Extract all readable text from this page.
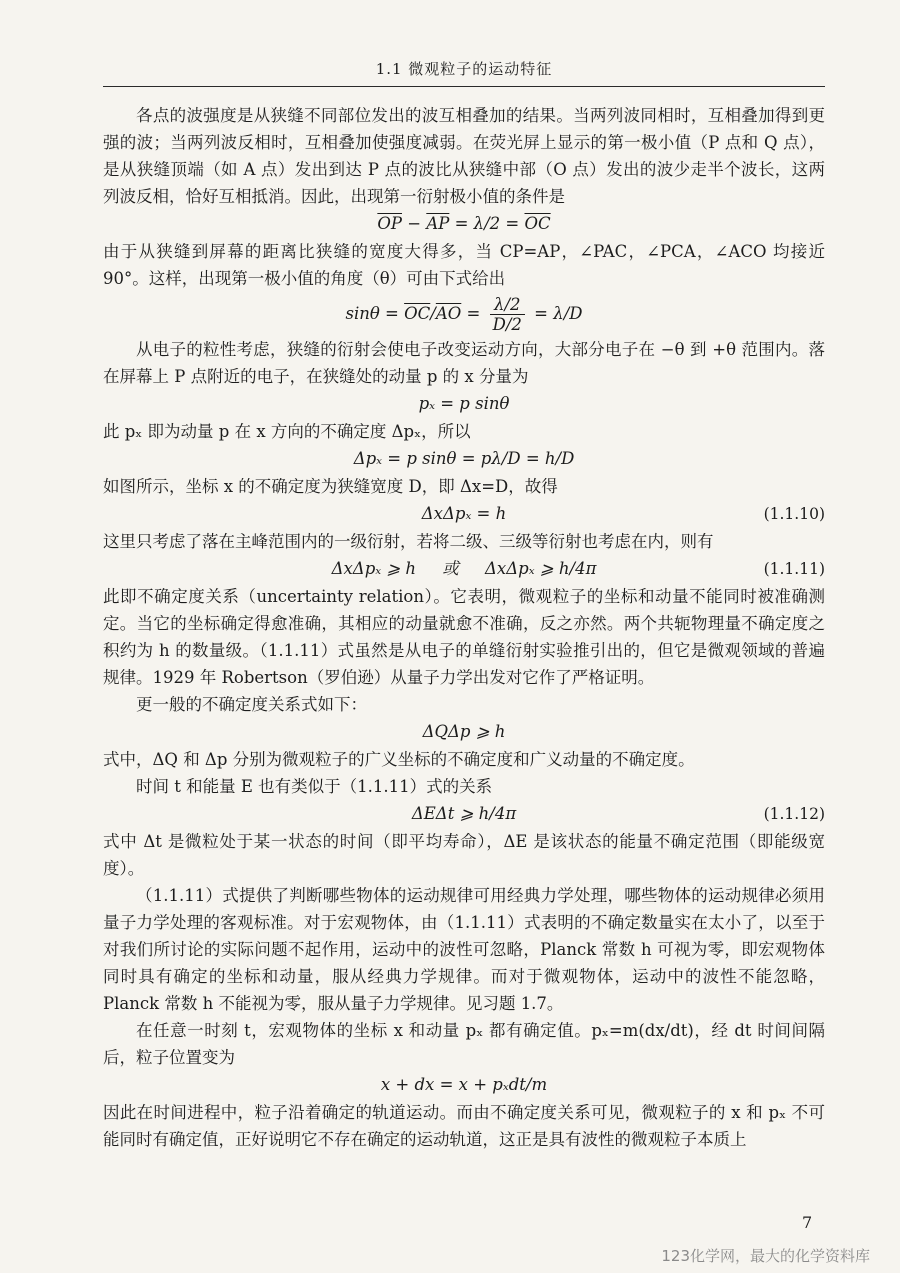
1.1 微观粒子的运动特征

各点的波强度是从狭缝不同部位发出的波互相叠加的结果。当两列波同相时，互相叠加得到更强的波；当两列波反相时，互相叠加使强度减弱。在荧光屏上显示的第一极小值（P 点和 Q 点），是从狭缝顶端（如 A 点）发出到达 P 点的波比从狭缝中部（O 点）发出的波少走半个波长，这两列波反相，恰好互相抵消。因此，出现第一衍射极小值的条件是

$\overline{OP} - \overline{AP} = \lambda/2 = \overline{OC}$

由于从狭缝到屏幕的距离比狭缝的宽度大得多，当 CP=AP，∠PAC，∠PCA，∠ACO 均接近 90°。这样，出现第一极小值的角度（θ）可由下式给出

$\sin\theta = \overline{OC}/\overline{AO} = \frac{\lambda/2}{D/2} = \lambda/D$

从电子的粒性考虑，狭缝的衍射会使电子改变运动方向，大部分电子在 −θ 到 +θ 范围内。落在屏幕上 P 点附近的电子，在狭缝处的动量 p 的 x 分量为

pₓ = p sinθ

此 pₓ 即为动量 p 在 x 方向的不确定度 Δpₓ，所以

Δpₓ = p sinθ = pλ/D = h/D

如图所示，坐标 x 的不确定度为狭缝宽度 D，即 Δx=D，故得

ΔxΔpₓ = h	(1.1.10)

这里只考虑了落在主峰范围内的一级衍射，若将二级、三级等衍射也考虑在内，则有

ΔxΔpₓ ⩾ h     或     ΔxΔpₓ ⩾ h/4π	(1.1.11)

此即不确定度关系（uncertainty relation）。它表明，微观粒子的坐标和动量不能同时被准确测定。当它的坐标确定得愈准确，其相应的动量就愈不准确，反之亦然。两个共轭物理量不确定度之积约为 h 的数量级。（1.1.11）式虽然是从电子的单缝衍射实验推引出的，但它是微观领域的普遍规律。1929 年 Robertson（罗伯逊）从量子力学出发对它作了严格证明。

更一般的不确定度关系式如下：

ΔQΔp ⩾ h

式中，ΔQ 和 Δp 分别为微观粒子的广义坐标的不确定度和广义动量的不确定度。

时间 t 和能量 E 也有类似于（1.1.11）式的关系

ΔEΔt ⩾ h/4π	(1.1.12)

式中 Δt 是微粒处于某一状态的时间（即平均寿命），ΔE 是该状态的能量不确定范围（即能级宽度）。

（1.1.11）式提供了判断哪些物体的运动规律可用经典力学处理，哪些物体的运动规律必须用量子力学处理的客观标准。对于宏观物体，由（1.1.11）式表明的不确定数量实在太小了，以至于对我们所讨论的实际问题不起作用，运动中的波性可忽略，Planck 常数 h 可视为零，即宏观物体同时具有确定的坐标和动量，服从经典力学规律。而对于微观物体，运动中的波性不能忽略，Planck 常数 h 不能视为零，服从量子力学规律。见习题 1.7。

在任意一时刻 t，宏观物体的坐标 x 和动量 pₓ 都有确定值。pₓ=m(dx/dt)，经 dt 时间间隔后，粒子位置变为

x + dx = x + pₓdt/m

因此在时间进程中，粒子沿着确定的轨道运动。而由不确定度关系可见，微观粒子的 x 和 pₓ 不可能同时有确定值，正好说明它不存在确定的运动轨道，这正是具有波性的微观粒子本质上

7
123化学网，最大的化学资料库
